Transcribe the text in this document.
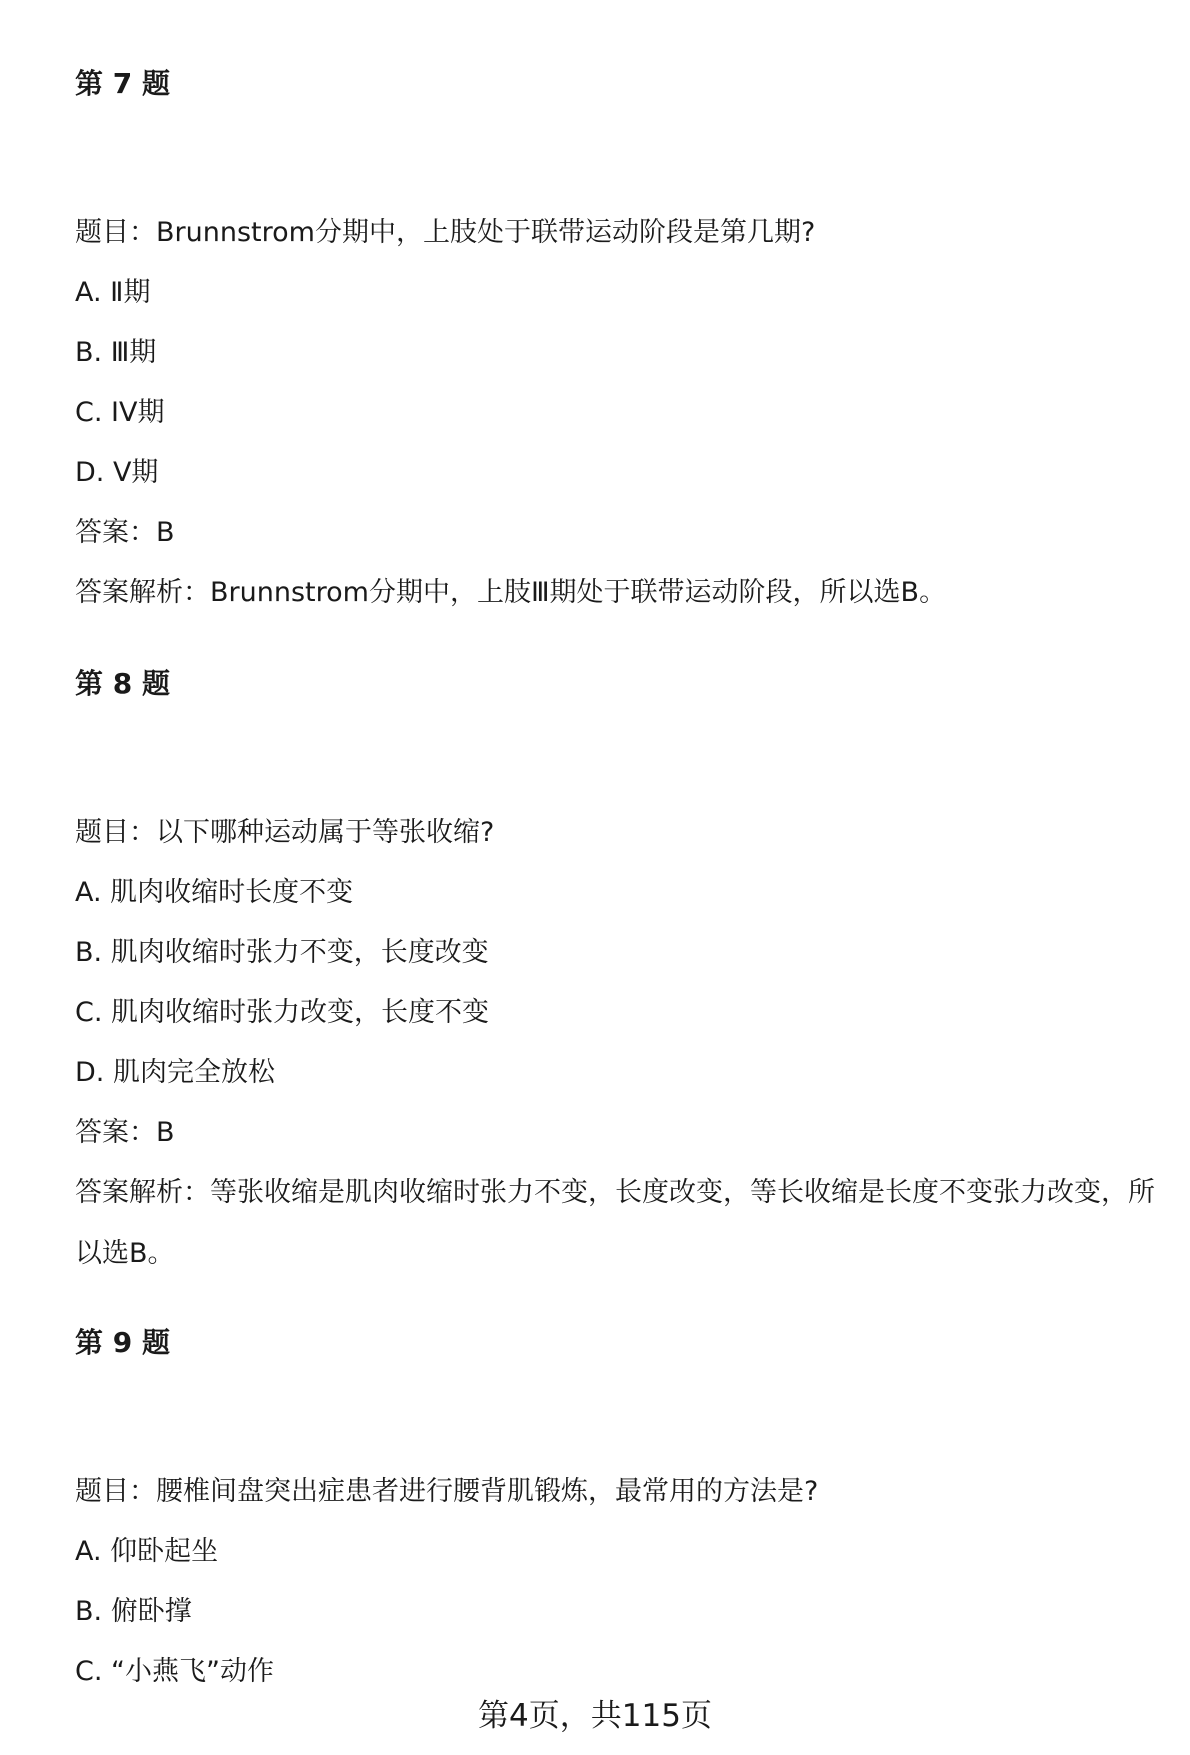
第 7 题
题目：Brunnstrom分期中，上肢处于联带运动阶段是第几期?
A. Ⅱ期
B. Ⅲ期
C. IV期
D. Ⅴ期
答案：B
答案解析：Brunnstrom分期中，上肢Ⅲ期处于联带运动阶段，所以选B。
第 8 题
题目：以下哪种运动属于等张收缩?
A. 肌肉收缩时长度不变
B. 肌肉收缩时张力不变，长度改变
C. 肌肉收缩时张力改变，长度不变
D. 肌肉完全放松
答案：B
答案解析：等张收缩是肌肉收缩时张力不变，长度改变，等长收缩是长度不变张力改变，所以选B。
第 9 题
题目：腰椎间盘突出症患者进行腰背肌锻炼，最常用的方法是?
A. 仰卧起坐
B. 俯卧撑
C. “小燕飞”动作
第4页，共115页
